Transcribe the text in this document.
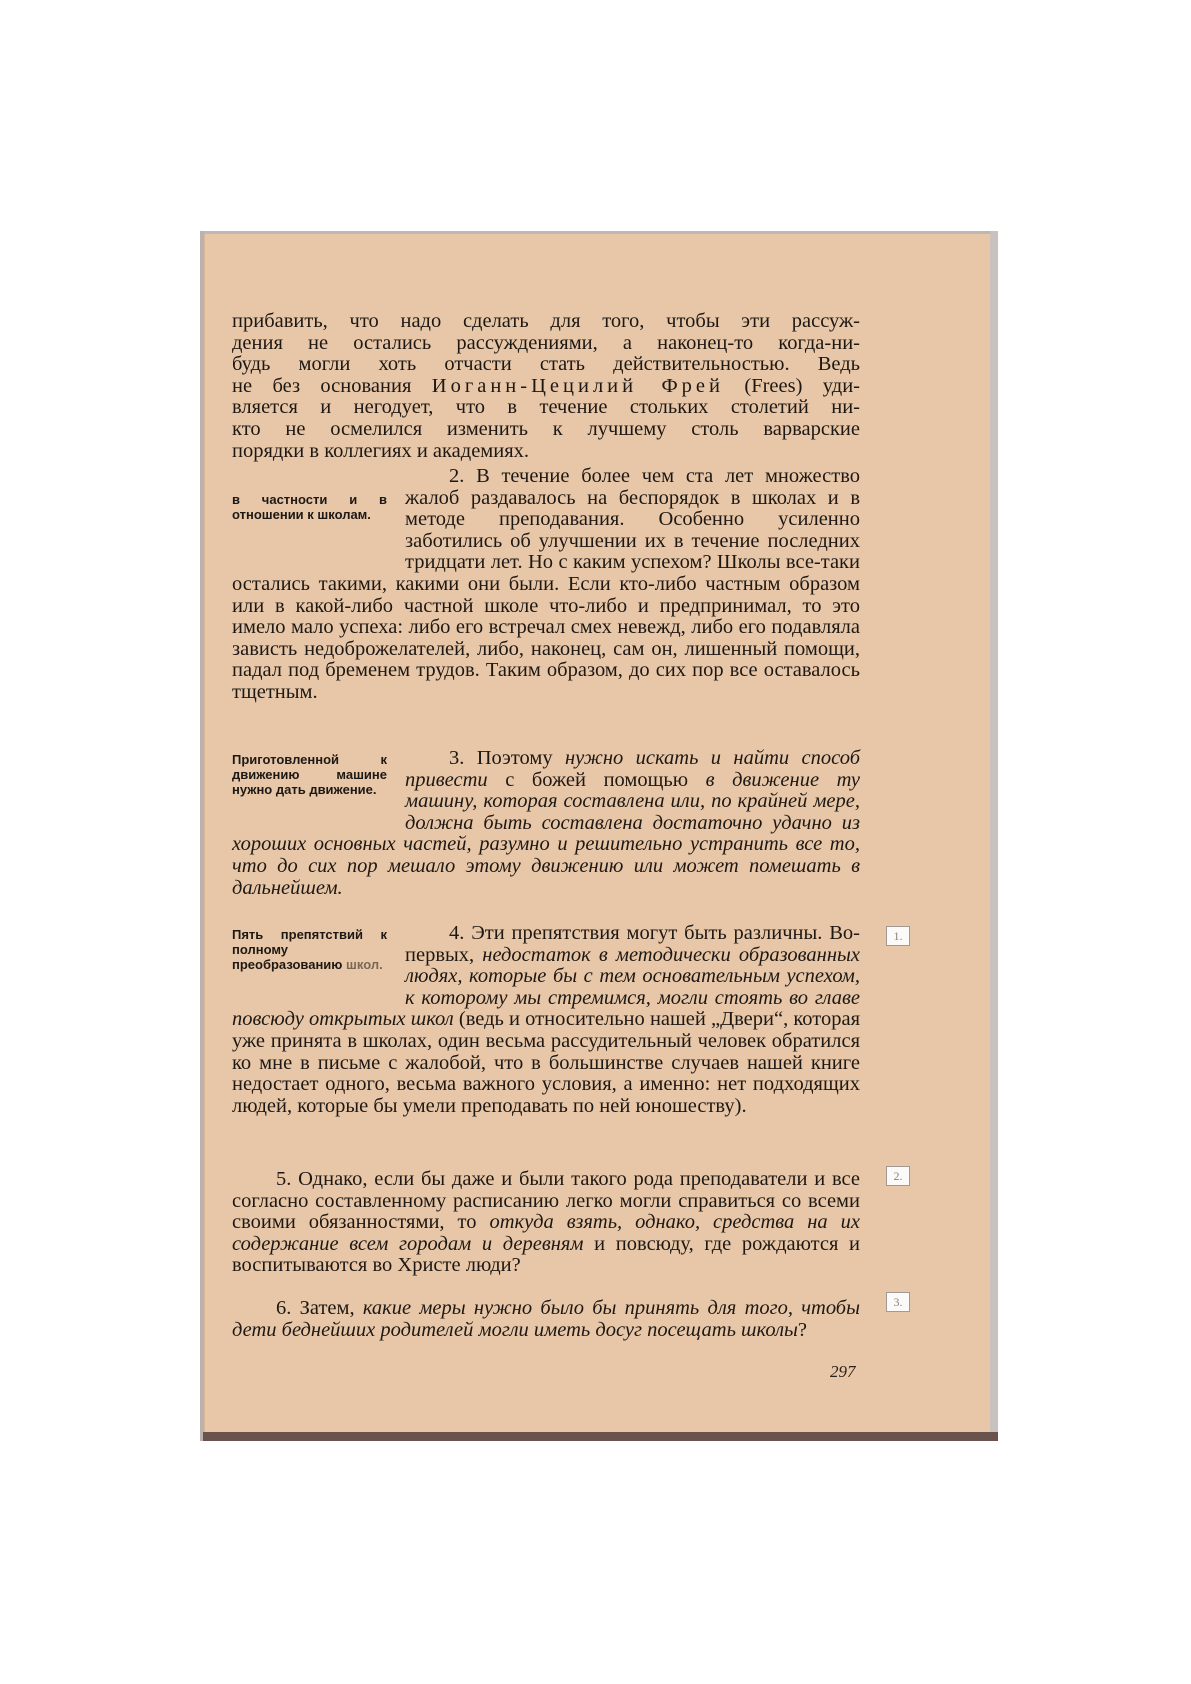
прибавить, что надо сделать для того, чтобы эти рассуж-
дения не остались рассуждениями, а наконец-то когда-ни-
будь могли хоть отчасти стать действительностью. Ведь
не без основания Иоганн-Цецилий Фрей (Frees) уди-
вляется и негодует, что в течение стольких столетий ни-
кто не осмелился изменить к лучшему столь варварские
порядки в коллегиях и академиях.
в частности и в отношении к школам.

2. В течение более чем ста лет множество жалоб раздавалось на беспорядок в школах и в методе преподавания. Особенно усиленно заботились об улучшении их в течение последних тридцати лет. Но с каким успехом? Школы все-таки остались такими, какими они были. Если кто-либо частным образом или в какой-либо частной школе что-либо и предпринимал, то это имело мало успеха: либо его встречал смех невежд, либо его подавляла зависть недоброжелателей, либо, наконец, сам он, лишенный помощи, падал под бременем трудов. Таким образом, до сих пор все оставалось тщетным.

Приготовленной к движению машине нужно дать движение.

3. Поэтому нужно искать и найти способ привести с божей помощью в движение ту машину, которая составлена или, по крайней мере, должна быть составлена достаточно удачно из хороших основных частей, разумно и решительно устранить все то, что до сих пор мешало этому движению или может помешать в дальнейшем.

Пять препятствий к полному преобразованию школ.

4. Эти препятствия могут быть различны. Во-первых, недостаток в методически образованных людях, которые бы с тем основательным успехом, к которому мы стремимся, могли стоять во главе повсюду открытых школ (ведь и относительно нашей „Двери“, которая уже принята в школах, один весьма рассудительный человек обратился ко мне в письме с жалобой, что в большинстве случаев нашей книге недостает одного, весьма важного условия, а именно: нет подходящих людей, которые бы умели преподавать по ней юношеству).

5. Однако, если бы даже и были такого рода преподаватели и все согласно составленному расписанию легко могли справиться со всеми своими обязанностями, то откуда взять, однако, средства на их содержание всем городам и деревням и повсюду, где рождаются и воспитываются во Христе люди?

6. Затем, какие меры нужно было бы принять для того, чтобы дети беднейших родителей могли иметь досуг посещать школы?

297
1.
2.
3.
